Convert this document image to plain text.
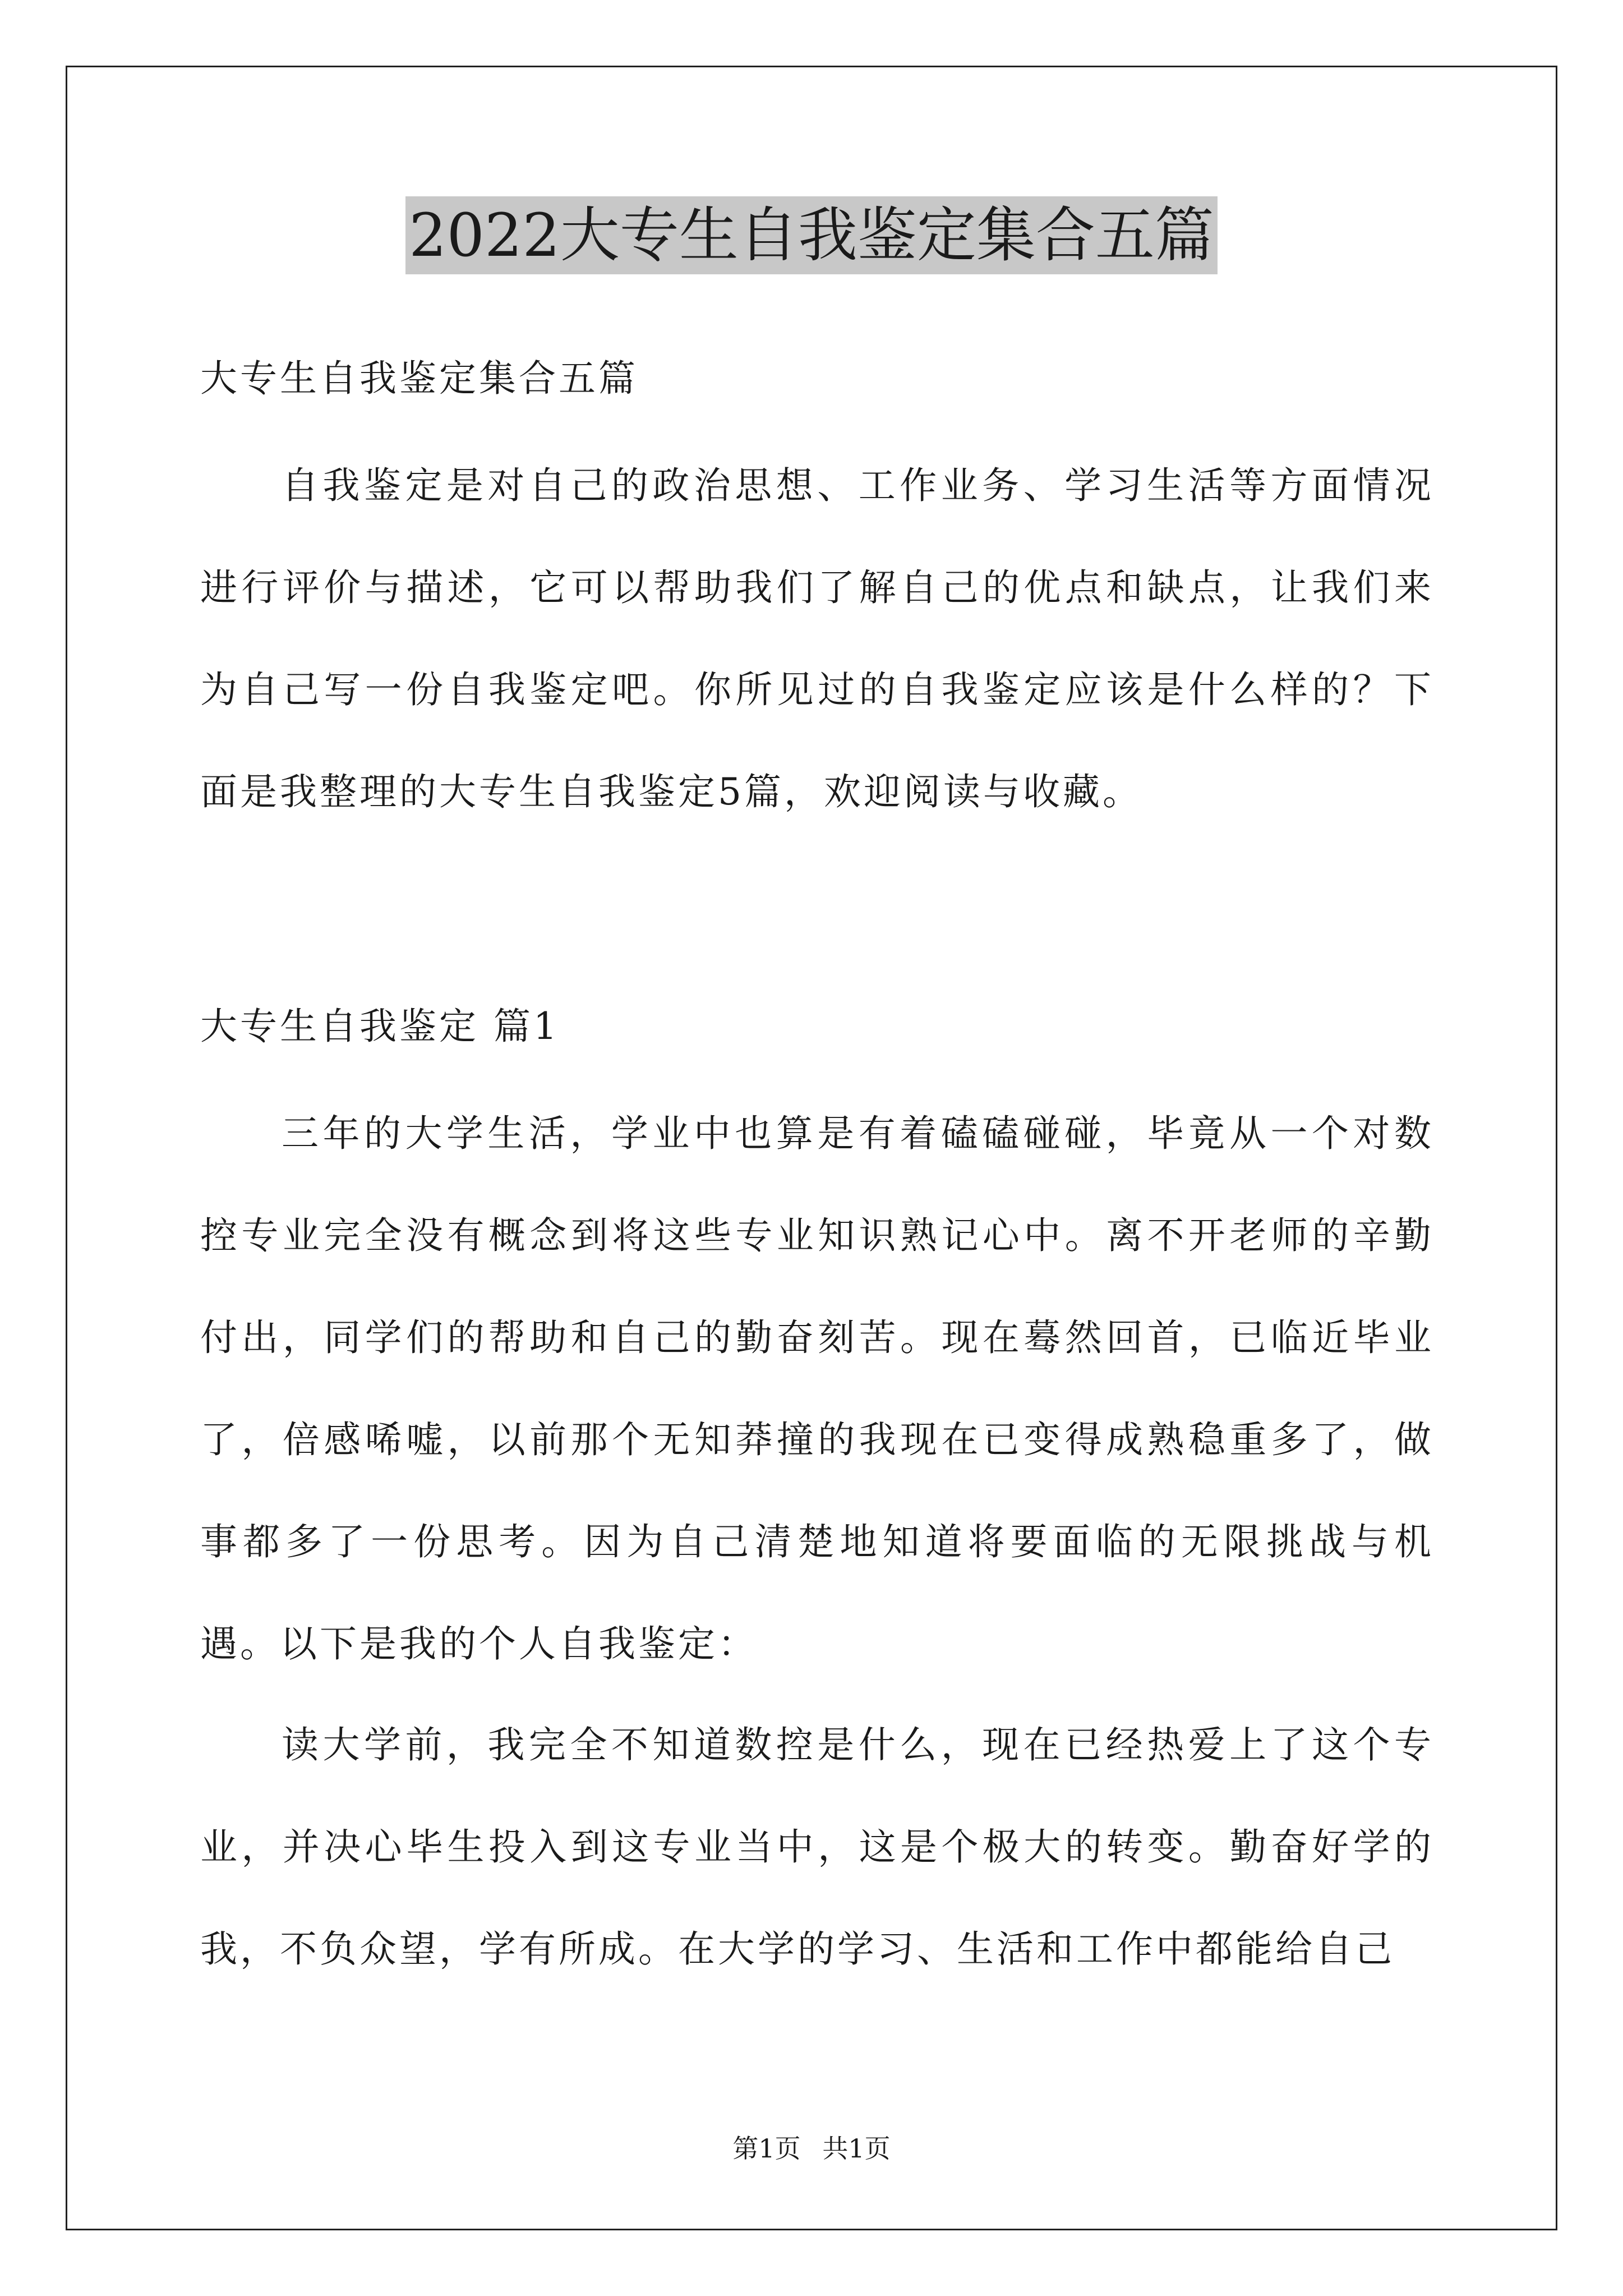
2022大专生自我鉴定集合五篇

大专生自我鉴定集合五篇

自我鉴定是对自己的政治思想、工作业务、学习生活等方面情况进行评价与描述，它可以帮助我们了解自己的优点和缺点，让我们来为自己写一份自我鉴定吧。你所见过的自我鉴定应该是什么样的？下面是我整理的大专生自我鉴定5篇，欢迎阅读与收藏。

大专生自我鉴定 篇1

三年的大学生活，学业中也算是有着磕磕碰碰，毕竟从一个对数控专业完全没有概念到将这些专业知识熟记心中。离不开老师的辛勤付出，同学们的帮助和自己的勤奋刻苦。现在蓦然回首，已临近毕业了，倍感唏嘘，以前那个无知莽撞的我现在已变得成熟稳重多了，做事都多了一份思考。因为自己清楚地知道将要面临的无限挑战与机遇。以下是我的个人自我鉴定：

读大学前，我完全不知道数控是什么，现在已经热爱上了这个专业，并决心毕生投入到这专业当中，这是个极大的转变。勤奋好学的我，不负众望，学有所成。在大学的学习、生活和工作中都能给自己

第1页 共1页
